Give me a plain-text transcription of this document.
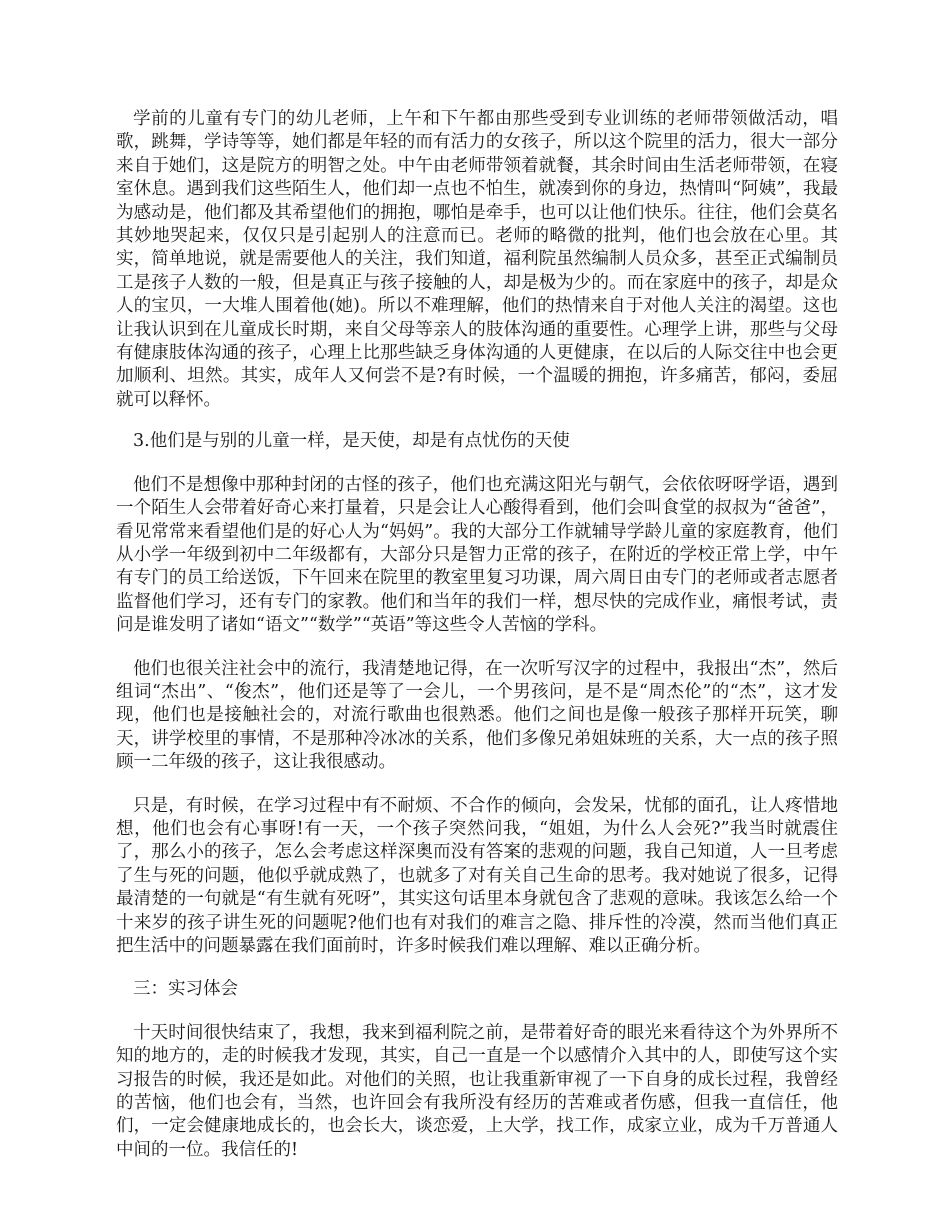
学前的儿童有专门的幼儿老师，上午和下午都由那些受到专业训练的老师带领做活动，唱歌，跳舞，学诗等等，她们都是年轻的而有活力的女孩子，所以这个院里的活力，很大一部分来自于她们，这是院方的明智之处。中午由老师带领着就餐，其余时间由生活老师带领，在寝室休息。遇到我们这些陌生人，他们却一点也不怕生，就凑到你的身边，热情叫“阿姨”，我最为感动是，他们都及其希望他们的拥抱，哪怕是牵手，也可以让他们快乐。往往，他们会莫名其妙地哭起来，仅仅只是引起别人的注意而已。老师的略微的批判，他们也会放在心里。其实，简单地说，就是需要他人的关注，我们知道，福利院虽然编制人员众多，甚至正式编制员工是孩子人数的一般，但是真正与孩子接触的人，却是极为少的。而在家庭中的孩子，却是众人的宝贝，一大堆人围着他(她)。所以不难理解，他们的热情来自于对他人关注的渴望。这也让我认识到在儿童成长时期，来自父母等亲人的肢体沟通的重要性。心理学上讲，那些与父母有健康肢体沟通的孩子，心理上比那些缺乏身体沟通的人更健康，在以后的人际交往中也会更加顺利、坦然。其实，成年人又何尝不是?有时候，一个温暖的拥抱，许多痛苦，郁闷，委屈就可以释怀。

3.他们是与别的儿童一样，是天使，却是有点忧伤的天使

他们不是想像中那种封闭的古怪的孩子，他们也充满这阳光与朝气，会依依呀呀学语，遇到一个陌生人会带着好奇心来打量着，只是会让人心酸得看到，他们会叫食堂的叔叔为“爸爸”，看见常常来看望他们是的好心人为“妈妈”。我的大部分工作就辅导学龄儿童的家庭教育，他们从小学一年级到初中二年级都有，大部分只是智力正常的孩子，在附近的学校正常上学，中午有专门的员工给送饭，下午回来在院里的教室里复习功课，周六周日由专门的老师或者志愿者监督他们学习，还有专门的家教。他们和当年的我们一样，想尽快的完成作业，痛恨考试，责问是谁发明了诸如“语文”“数学”“英语”等这些令人苦恼的学科。

他们也很关注社会中的流行，我清楚地记得，在一次听写汉字的过程中，我报出“杰”，然后组词“杰出”、“俊杰”，他们还是等了一会儿，一个男孩问，是不是“周杰伦”的“杰”，这才发现，他们也是接触社会的，对流行歌曲也很熟悉。他们之间也是像一般孩子那样开玩笑，聊天，讲学校里的事情，不是那种冷冰冰的关系，他们多像兄弟姐妹班的关系，大一点的孩子照顾一二年级的孩子，这让我很感动。

只是，有时候，在学习过程中有不耐烦、不合作的倾向，会发呆，忧郁的面孔，让人疼惜地想，他们也会有心事呀!有一天，一个孩子突然问我，“姐姐，为什么人会死?”我当时就震住了，那么小的孩子，怎么会考虑这样深奥而没有答案的悲观的问题，我自己知道，人一旦考虑了生与死的问题，他似乎就成熟了，也就多了对有关自己生命的思考。我对她说了很多，记得最清楚的一句就是“有生就有死呀”，其实这句话里本身就包含了悲观的意味。我该怎么给一个十来岁的孩子讲生死的问题呢?他们也有对我们的难言之隐、排斥性的冷漠，然而当他们真正把生活中的问题暴露在我们面前时，许多时候我们难以理解、难以正确分析。

三：实习体会

十天时间很快结束了，我想，我来到福利院之前，是带着好奇的眼光来看待这个为外界所不知的地方的，走的时候我才发现，其实，自己一直是一个以感情介入其中的人，即使写这个实习报告的时候，我还是如此。对他们的关照，也让我重新审视了一下自身的成长过程，我曾经的苦恼，他们也会有，当然，也许回会有我所没有经历的苦难或者伤感，但我一直信任，他们，一定会健康地成长的，也会长大，谈恋爱，上大学，找工作，成家立业，成为千万普通人中间的一位。我信任的!
